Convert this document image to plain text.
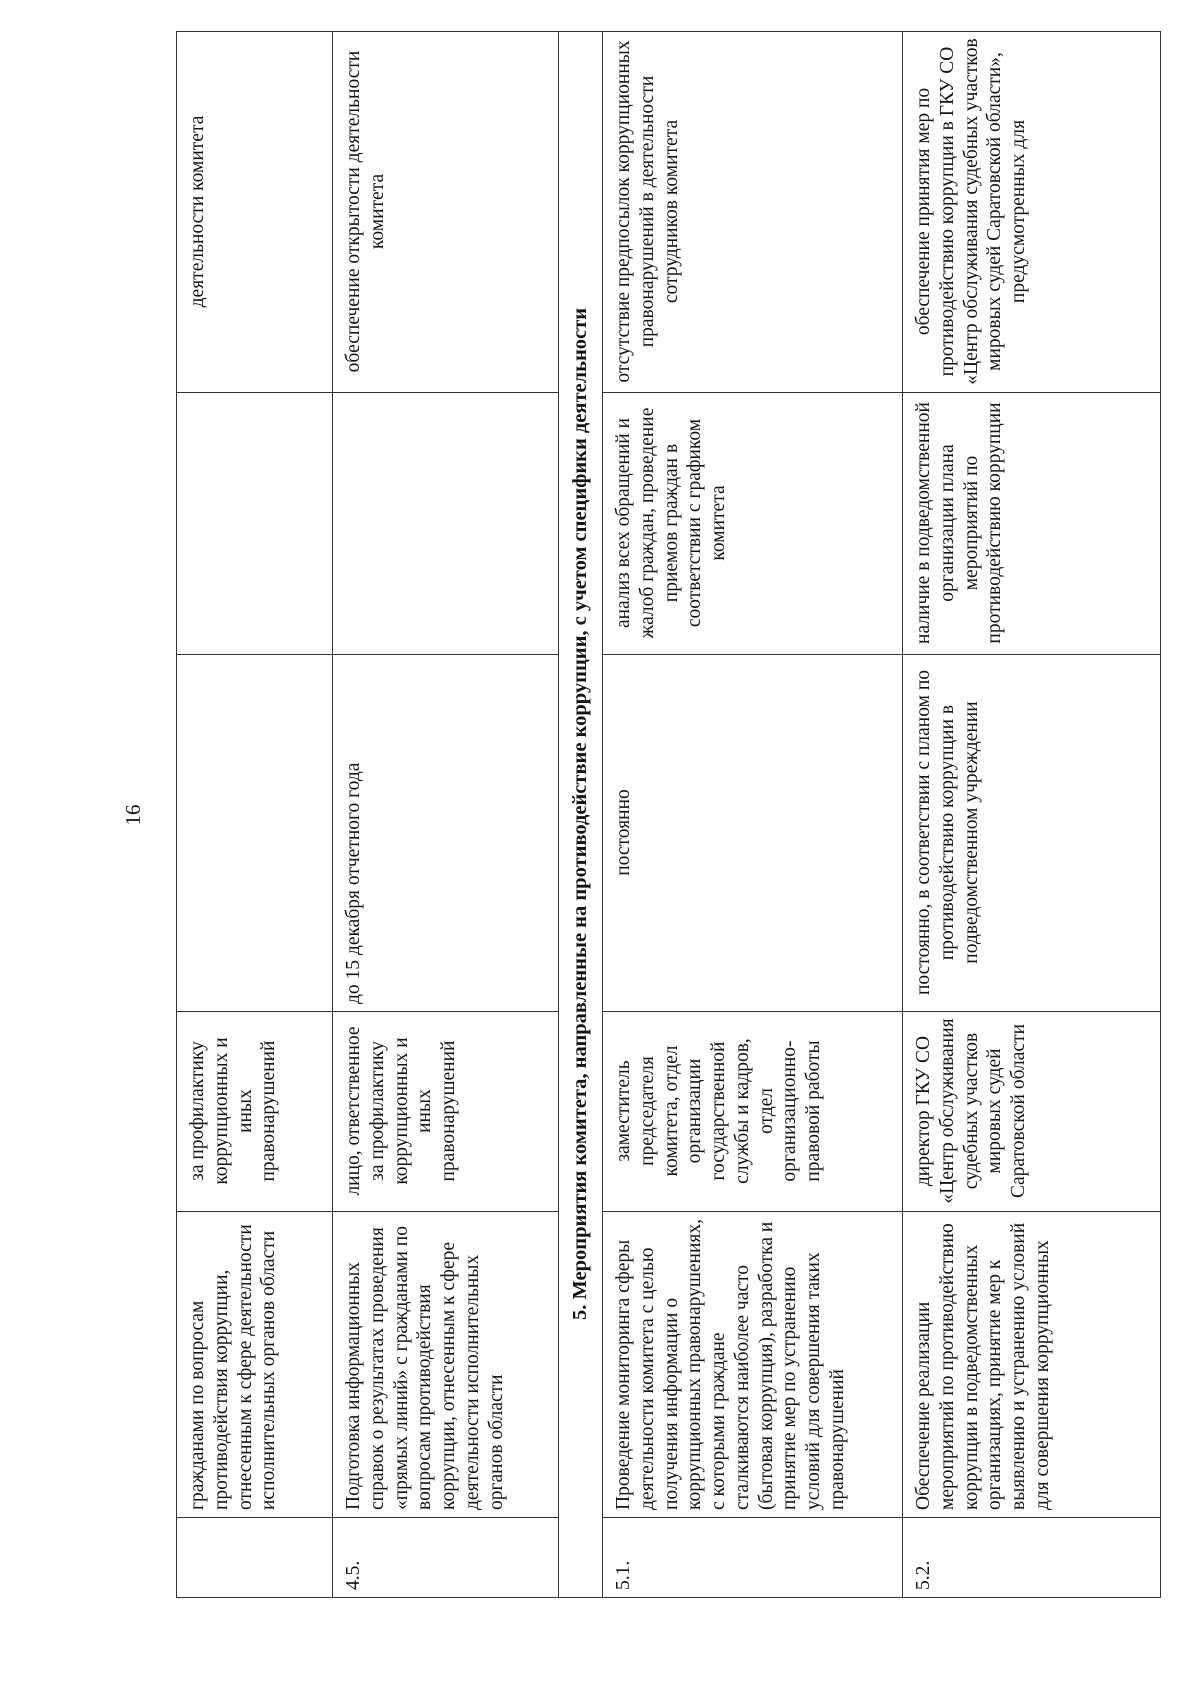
16
	гражданами по вопросам противодействия коррупции, отнесенным к сфере деятельности исполнительных органов области	за профилактику коррупционных и иных правонарушений			деятельности комитета
4.5.	Подготовка информационных справок о результатах проведения «прямых линий» с гражданами по вопросам противодействия коррупции, отнесенным к сфере деятельности исполнительных органов области	лицо, ответственное за профилактику коррупционных и иных правонарушений	до 15 декабря отчетного года		обеспечение открытости деятельности комитета
5. Мероприятия комитета, направленные на противодействие коррупции, с учетом специфики деятельности					
5.1.	Проведение мониторинга сферы деятельности комитета с целью получения информации о коррупционных правонарушениях, с которыми граждане сталкиваются наиболее часто (бытовая коррупция), разработка и принятие мер по устранению условий для совершения таких правонарушений	заместитель председателя комитета, отдел организации государственной службы и кадров, отдел организационно-правовой работы	постоянно	анализ всех обращений и жалоб граждан, проведение приемов граждан в соответствии с графиком комитета	отсутствие предпосылок коррупционных правонарушений в деятельности сотрудников комитета
5.2.	Обеспечение реализации мероприятий по противодействию коррупции в подведомственных организациях, принятие мер к выявлению и устранению условий для совершения коррупционных	директор ГКУ СО «Центр обслуживания судебных участков мировых судей Саратовской области	постоянно, в соответствии с планом по противодействию коррупции в подведомственном учреждении	наличие в подведомственной организации плана мероприятий по противодействию коррупции	обеспечение принятия мер по противодействию коррупции в ГКУ СО «Центр обслуживания судебных участков мировых судей Саратовской области», предусмотренных для
